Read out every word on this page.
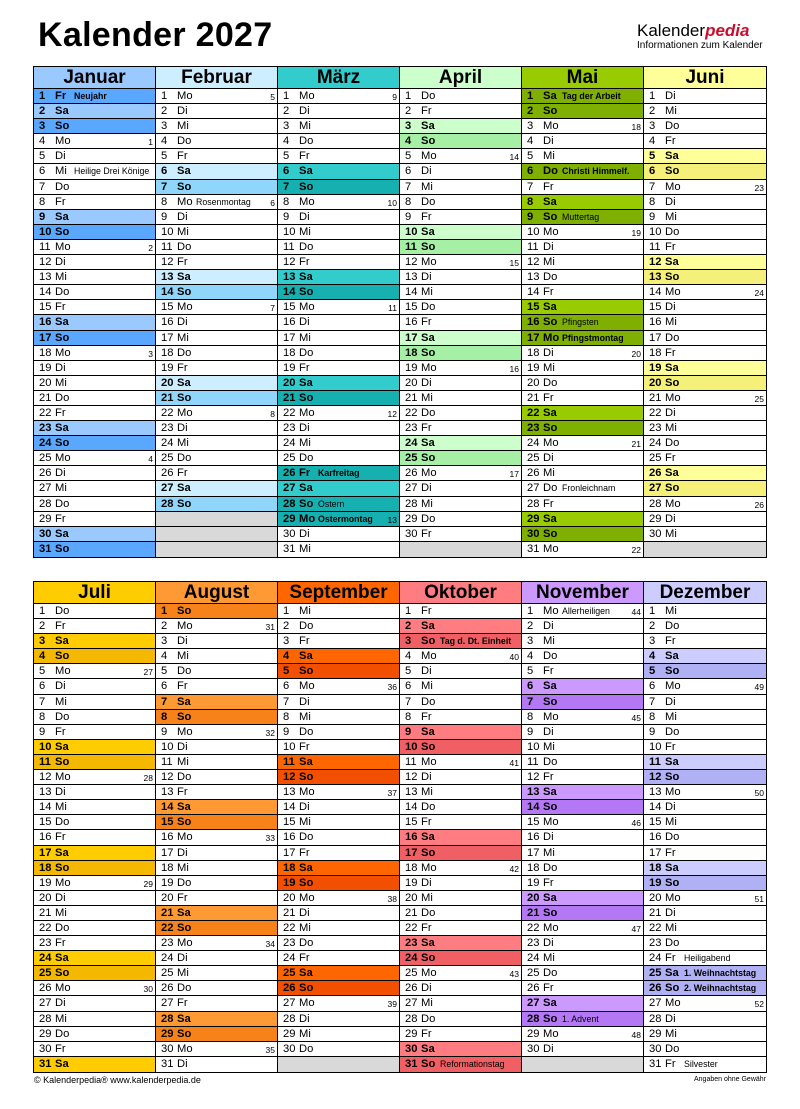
Kalender 2027	Kalenderpedia
Informationen zum Kalender
Januar
1 Fr Neujahr
2 Sa
3 So
4 Mo	1
5 Di
6 Mi Heilige Drei Könige
7 Do
8 Fr
9 Sa
10 So
11 Mo	2
12 Di
13 Mi
14 Do
15 Fr
16 Sa
17 So
18 Mo	3
19 Di
20 Mi
21 Do
22 Fr
23 Sa
24 So
25 Mo	4
26 Di
27 Mi
28 Do
29 Fr
30 Sa
31 So
Februar
1 Mo	5
2 Di
3 Mi
4 Do
5 Fr
6 Sa
7 So
8 Mo Rosenmontag 6
9 Di
10 Mi
11 Do
12 Fr
13 Sa
14 So
15 Mo	7
16 Di
17 Mi
18 Do
19 Fr
20 Sa
21 So
22 Mo	8
23 Di
24 Mi
25 Do
26 Fr
27 Sa
28 So
März
1 Mo	9
2 Di
3 Mi
4 Do
5 Fr
6 Sa
7 So
8 Mo	10
9 Di
10 Mi
11 Do
12 Fr
13 Sa
14 So
15 Mo	11
16 Di
17 Mi
18 Do
19 Fr
20 Sa
21 So
22 Mo	12
23 Di
24 Mi
25 Do
26 Fr Karfreitag
27 Sa
28 So Ostern
29 Mo Ostermontag 13
30 Di
31 Mi
April
1 Do
2 Fr
3 Sa
4 So
5 Mo	14
6 Di
7 Mi
8 Do
9 Fr
10 Sa
11 So
12 Mo	15
13 Di
14 Mi
15 Do
16 Fr
17 Sa
18 So
19 Mo	16
20 Di
21 Mi
22 Do
23 Fr
24 Sa
25 So
26 Mo	17
27 Di
28 Mi
29 Do
30 Fr
Mai
1 Sa Tag der Arbeit
2 So
3 Mo	18
4 Di
5 Mi
6 Do Christi Himmelf.
7 Fr
8 Sa
9 So Muttertag
10 Mo	19
11 Di
12 Mi
13 Do
14 Fr
15 Sa
16 So Pfingsten
17 Mo Pfingstmontag
18 Di	20
19 Mi
20 Do
21 Fr
22 Sa
23 So
24 Mo	21
25 Di
26 Mi
27 Do Fronleichnam
28 Fr
29 Sa
30 So
31 Mo	22
Juni
1 Di
2 Mi
3 Do
4 Fr
5 Sa
6 So
7 Mo	23
8 Di
9 Mi
10 Do
11 Fr
12 Sa
13 So
14 Mo	24
15 Di
16 Mi
17 Do
18 Fr
19 Sa
20 So
21 Mo	25
22 Di
23 Mi
24 Do
25 Fr
26 Sa
27 So
28 Mo	26
29 Di
30 Mi
Juli
1 Do
2 Fr
3 Sa
4 So
5 Mo	27
6 Di
7 Mi
8 Do
9 Fr
10 Sa
11 So
12 Mo	28
13 Di
14 Mi
15 Do
16 Fr
17 Sa
18 So
19 Mo	29
20 Di
21 Mi
22 Do
23 Fr
24 Sa
25 So
26 Mo	30
27 Di
28 Mi
29 Do
30 Fr
31 Sa
August
1 So
2 Mo	31
3 Di
4 Mi
5 Do
6 Fr
7 Sa
8 So
9 Mo	32
10 Di
11 Mi
12 Do
13 Fr
14 Sa
15 So
16 Mo	33
17 Di
18 Mi
19 Do
20 Fr
21 Sa
22 So
23 Mo	34
24 Di
25 Mi
26 Do
27 Fr
28 Sa
29 So
30 Mo	35
31 Di
September
1 Mi
2 Do
3 Fr
4 Sa
5 So
6 Mo	36
7 Di
8 Mi
9 Do
10 Fr
11 Sa
12 So
13 Mo	37
14 Di
15 Mi
16 Do
17 Fr
18 Sa
19 So
20 Mo	38
21 Di
22 Mi
23 Do
24 Fr
25 Sa
26 So
27 Mo	39
28 Di
29 Mi
30 Do
Oktober
1 Fr
2 Sa
3 So Tag d. Dt. Einheit
4 Mo	40
5 Di
6 Mi
7 Do
8 Fr
9 Sa
10 So
11 Mo	41
12 Di
13 Mi
14 Do
15 Fr
16 Sa
17 So
18 Mo	42
19 Di
20 Mi
21 Do
22 Fr
23 Sa
24 So
25 Mo	43
26 Di
27 Mi
28 Do
29 Fr
30 Sa
31 So Reformationstag
November
1 Mo Allerheiligen	44
2 Di
3 Mi
4 Do
5 Fr
6 Sa
7 So
8 Mo	45
9 Di
10 Mi
11 Do
12 Fr
13 Sa
14 So
15 Mo	46
16 Di
17 Mi
18 Do
19 Fr
20 Sa
21 So
22 Mo	47
23 Di
24 Mi
25 Do
26 Fr
27 Sa
28 So 1. Advent
29 Mo	48
30 Di
Dezember
1 Mi
2 Do
3 Fr
4 Sa
5 So
6 Mo	49
7 Di
8 Mi
9 Do
10 Fr
11 Sa
12 So
13 Mo	50
14 Di
15 Mi
16 Do
17 Fr
18 Sa
19 So
20 Mo	51
21 Di
22 Mi
23 Do
24 Fr Heiligabend
25 Sa 1. Weihnachtstag
26 So 2. Weihnachtstag
27 Mo	52
28 Di
29 Mi
30 Do
31 Fr Silvester
© Kalenderpedia® www.kalenderpedia.de	Angaben ohne Gewähr
